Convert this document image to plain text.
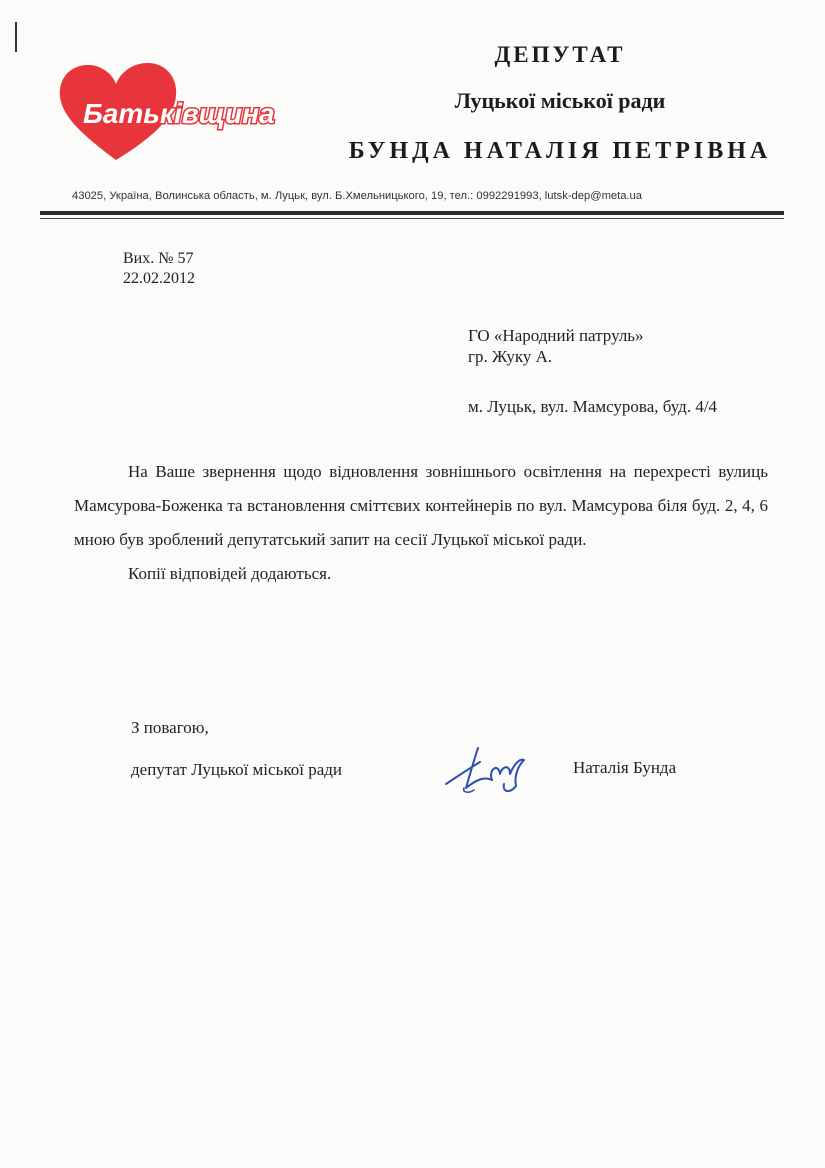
Батьківщина
ДЕПУТАТ
Луцької міської ради
БУНДА НАТАЛІЯ ПЕТРІВНА
43025, Україна, Волинська область, м. Луцьк, вул. Б.Хмельницького, 19, тел.: 0992291993, lutsk-dep@meta.ua
Вих. № 57
22.02.2012
ГО «Народний патруль»
гр. Жуку А.
м. Луцьк, вул. Мамсурова, буд. 4/4

На Ваше звернення щодо відновлення зовнішнього освітлення на перехресті вулиць Мамсурова-Боженка та встановлення сміттєвих контейнерів по вул. Мамсурова біля буд. 2, 4, 6 мною був зроблений депутатський запит на сесії Луцької міської ради.

Копії відповідей додаються.

З повагою,
депутат Луцької міської ради	Наталія Бунда
